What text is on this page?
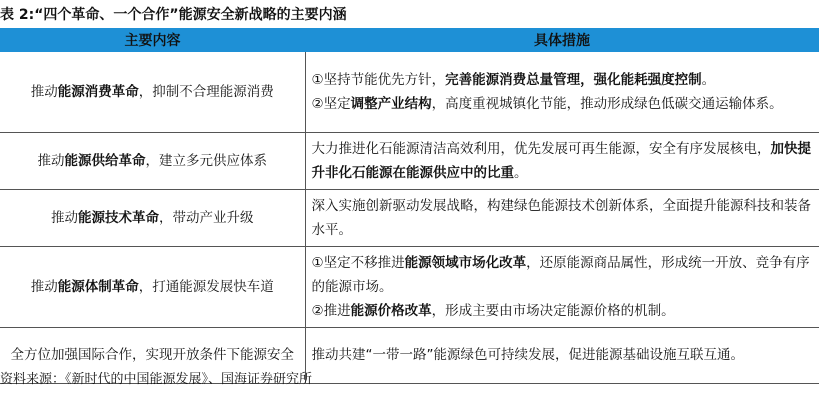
表 2:“四个革命、一个合作”能源安全新战略的主要内涵
主要内容	具体措施
推动能源消费革命，抑制不合理能源消费	①坚持节能优先方针，完善能源消费总量管理，强化能耗强度控制。
②坚定调整产业结构，高度重视城镇化节能，推动形成绿色低碳交通运输体系。

推动能源供给革命，建立多元供应体系	大力推进化石能源清洁高效利用，优先发展可再生能源，安全有序发展核电，加快提升非化石能源在能源供应中的比重。
推动能源技术革命，带动产业升级	深入实施创新驱动发展战略，构建绿色能源技术创新体系，全面提升能源科技和装备水平。
推动能源体制革命，打通能源发展快车道	①坚定不移推进能源领域市场化改革，还原能源商品属性，形成统一开放、竞争有序的能源市场。
②推进能源价格改革，形成主要由市场决定能源价格的机制。

全方位加强国际合作，实现开放条件下能源安全	推动共建“一带一路”能源绿色可持续发展，促进能源基础设施互联互通。
资料来源：《新时代的中国能源发展》、国海证券研究所
